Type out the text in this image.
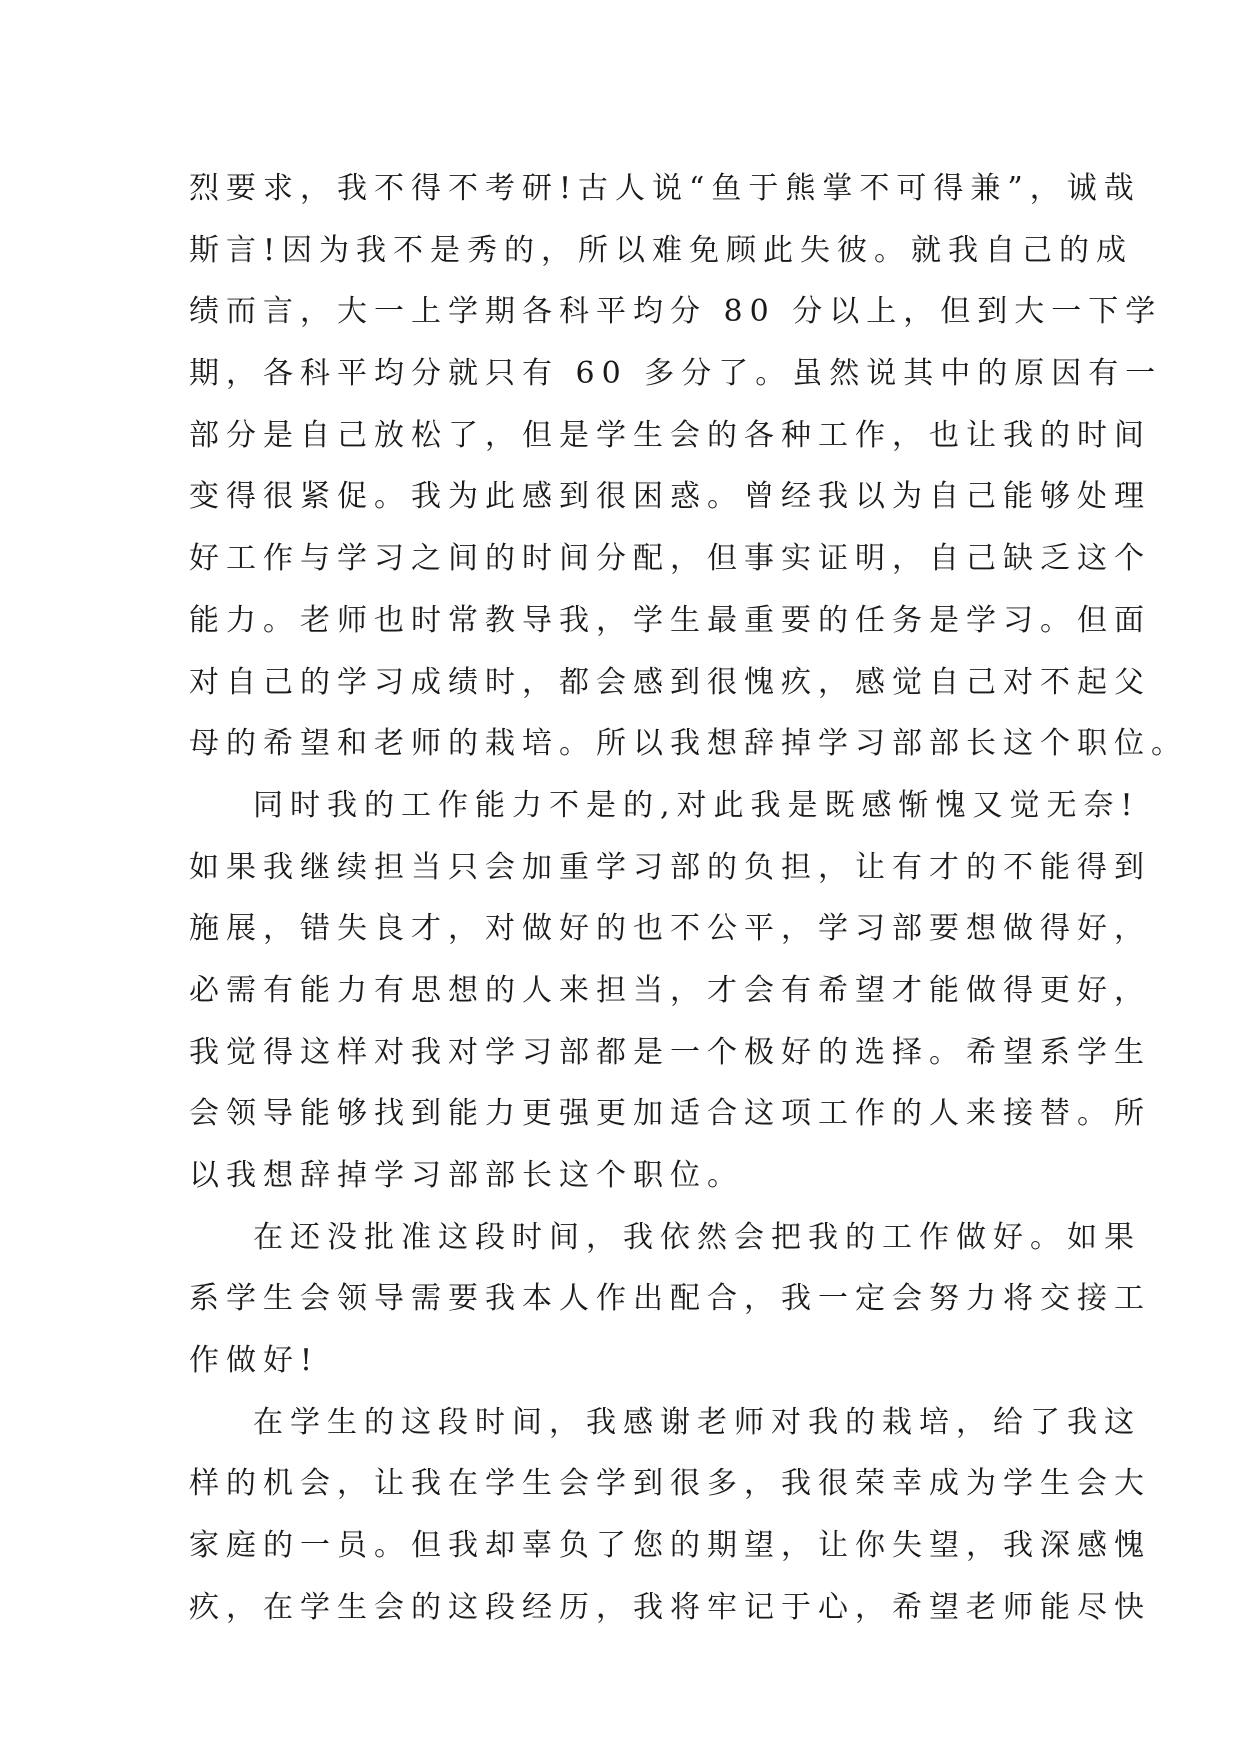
烈要求，我不得不考研!古人说“鱼于熊掌不可得兼”，诚哉
斯言!因为我不是秀的，所以难免顾此失彼。就我自己的成
绩而言，大一上学期各科平均分 80 分以上，但到大一下学
期，各科平均分就只有 60 多分了。虽然说其中的原因有一
部分是自己放松了，但是学生会的各种工作，也让我的时间
变得很紧促。我为此感到很困惑。曾经我以为自己能够处理
好工作与学习之间的时间分配，但事实证明，自己缺乏这个
能力。老师也时常教导我，学生最重要的任务是学习。但面
对自己的学习成绩时，都会感到很愧疚，感觉自己对不起父
母的希望和老师的栽培。所以我想辞掉学习部部长这个职位。
同时我的工作能力不是的,对此我是既感惭愧又觉无奈!
如果我继续担当只会加重学习部的负担，让有才的不能得到
施展，错失良才，对做好的也不公平，学习部要想做得好，
必需有能力有思想的人来担当，才会有希望才能做得更好，
我觉得这样对我对学习部都是一个极好的选择。希望系学生
会领导能够找到能力更强更加适合这项工作的人来接替。所
以我想辞掉学习部部长这个职位。
在还没批准这段时间，我依然会把我的工作做好。如果
系学生会领导需要我本人作出配合，我一定会努力将交接工
作做好!
在学生的这段时间，我感谢老师对我的栽培，给了我这
样的机会，让我在学生会学到很多，我很荣幸成为学生会大
家庭的一员。但我却辜负了您的期望，让你失望，我深感愧
疚，在学生会的这段经历，我将牢记于心，希望老师能尽快
